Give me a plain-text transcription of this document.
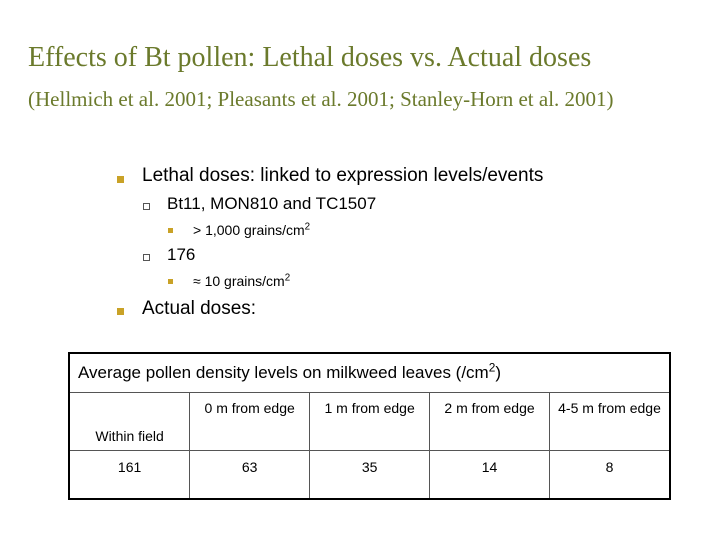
Effects of Bt pollen: Lethal doses vs. Actual doses
(Hellmich et al. 2001; Pleasants et al. 2001; Stanley-Horn et al. 2001)
Lethal doses: linked to expression levels/events
Bt11, MON810 and TC1507
> 1,000 grains/$cm^2$
176
≈ 10 grains/$cm^2$
Actual doses:
Average pollen density levels on milkweed leaves $(/cm^2)$				
Within field	0 m from edge	1 m from edge	2 m from edge	4-5 m from edge
161	63	35	14	8
